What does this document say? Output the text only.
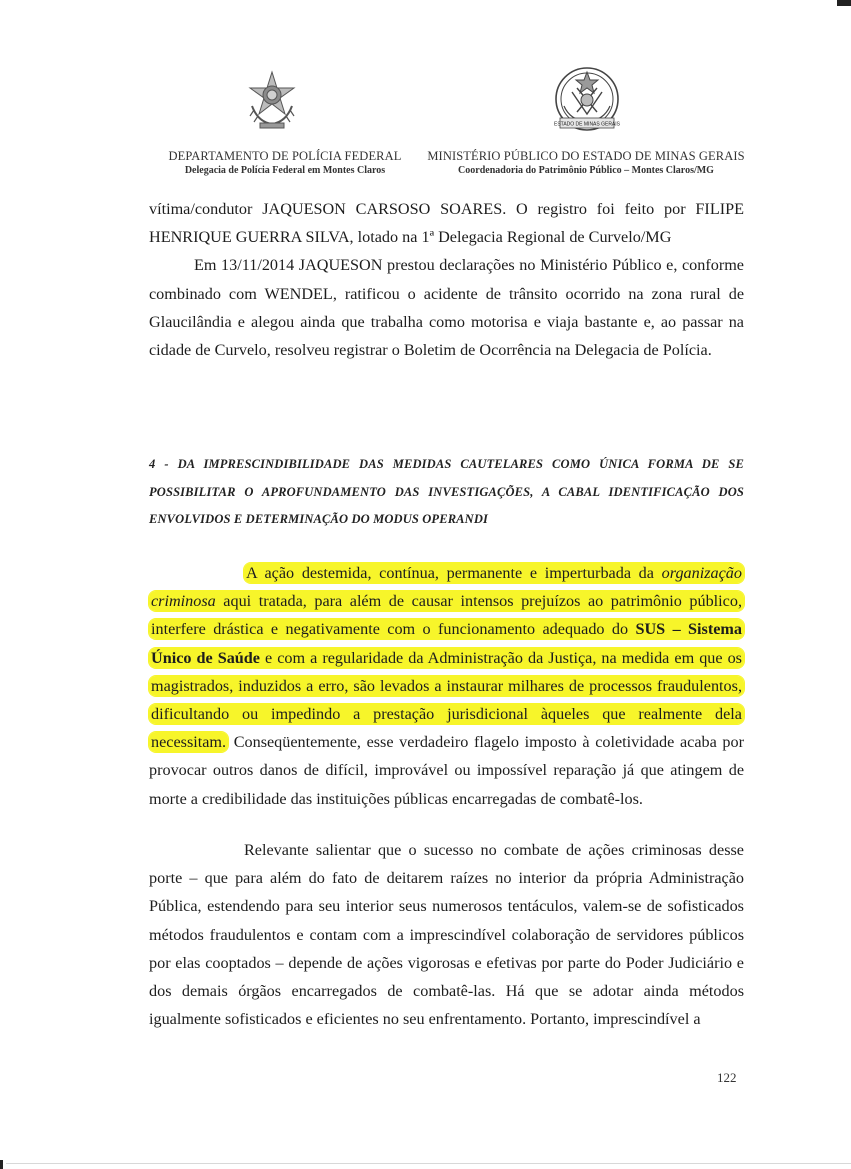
ESTADO DE MINAS GERAIS
DEPARTAMENTO DE POLÍCIA FEDERAL
Delegacia de Polícia Federal em Montes Claros
MINISTÉRIO PÚBLICO DO ESTADO DE MINAS GERAIS
Coordenadoria do Patrimônio Público – Montes Claros/MG

vítima/condutor JAQUESON CARSOSO SOARES. O registro foi feito por FILIPE HENRIQUE GUERRA SILVA, lotado na 1ª Delegacia Regional de Curvelo/MG

Em 13/11/2014 JAQUESON prestou declarações no Ministério Público e, conforme combinado com WENDEL, ratificou o acidente de trânsito ocorrido na zona rural de Glaucilândia e alegou ainda que trabalha como motorisa e viaja bastante e, ao passar na cidade de Curvelo, resolveu registrar o Boletim de Ocorrência na Delegacia de Polícia.

4 - DA IMPRESCINDIBILIDADE DAS MEDIDAS CAUTELARES COMO ÚNICA FORMA DE SE POSSIBILITAR O APROFUNDAMENTO DAS INVESTIGAÇÕES, A CABAL IDENTIFICAÇÃO DOS ENVOLVIDOS E DETERMINAÇÃO DO MODUS OPERANDI

A ação destemida, contínua, permanente e imperturbada da organização criminosa aqui tratada, para além de causar intensos prejuízos ao patrimônio público, interfere drástica e negativamente com o funcionamento adequado do SUS – Sistema Único de Saúde e com a regularidade da Administração da Justiça, na medida em que os magistrados, induzidos a erro, são levados a instaurar milhares de processos fraudulentos, dificultando ou impedindo a prestação jurisdicional àqueles que realmente dela necessitam. Conseqüentemente, esse verdadeiro flagelo imposto à coletividade acaba por provocar outros danos de difícil, improvável ou impossível reparação já que atingem de morte a credibilidade das instituições públicas encarregadas de combatê-los.

Relevante salientar que o sucesso no combate de ações criminosas desse porte – que para além do fato de deitarem raízes no interior da própria Administração Pública, estendendo para seu interior seus numerosos tentáculos, valem-se de sofisticados métodos fraudulentos e contam com a imprescindível colaboração de servidores públicos por elas cooptados – depende de ações vigorosas e efetivas por parte do Poder Judiciário e dos demais órgãos encarregados de combatê-las. Há que se adotar ainda métodos igualmente sofisticados e eficientes no seu enfrentamento. Portanto, imprescindível a

122
